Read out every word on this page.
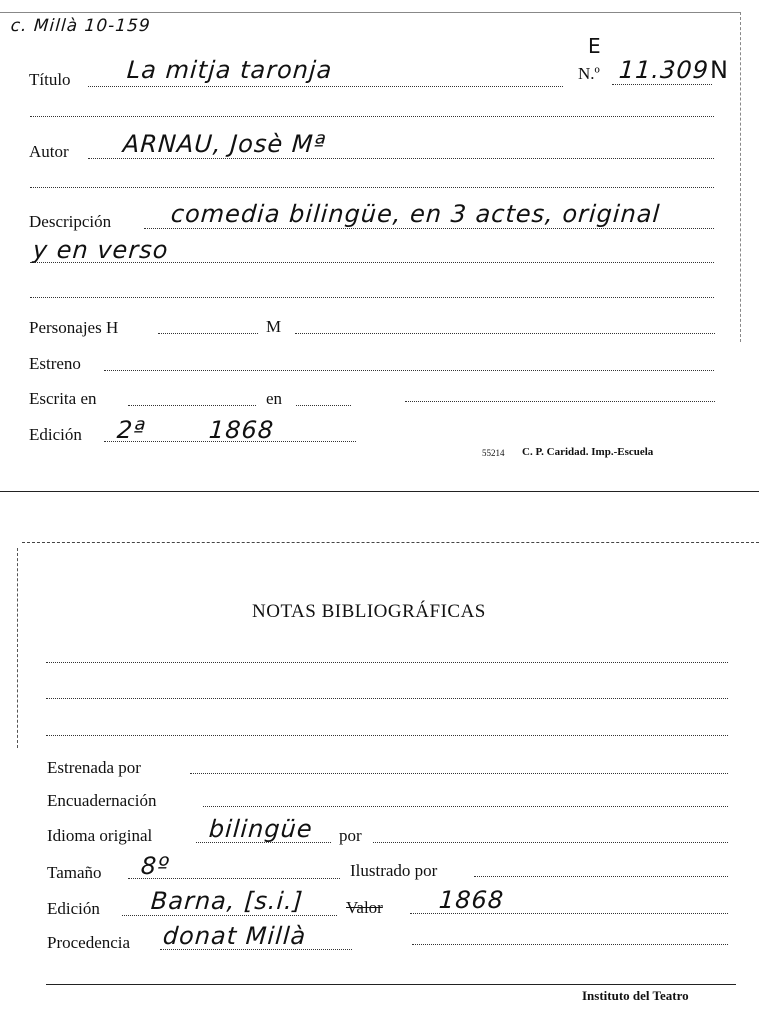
c. Millà 10-159
E
Título La mitja taronja	N.º 11.309 N
Autor ARNAU, Josè Mª
Descripción comedia bilingüe, en 3 actes, original
y en verso
Personajes H	M
Estreno
Escrita en	en
Edición 2ª	1868
55214 C. P. Caridad. Imp.-Escuela
NOTAS BIBLIOGRÁFICAS
Estrenada por
Encuadernación
Idioma original bilingüe por
Tamaño 8º	Ilustrado por
Edición Barna, [s.i.] Valor 1868
Procedencia donat Millà
Instituto del Teatro
